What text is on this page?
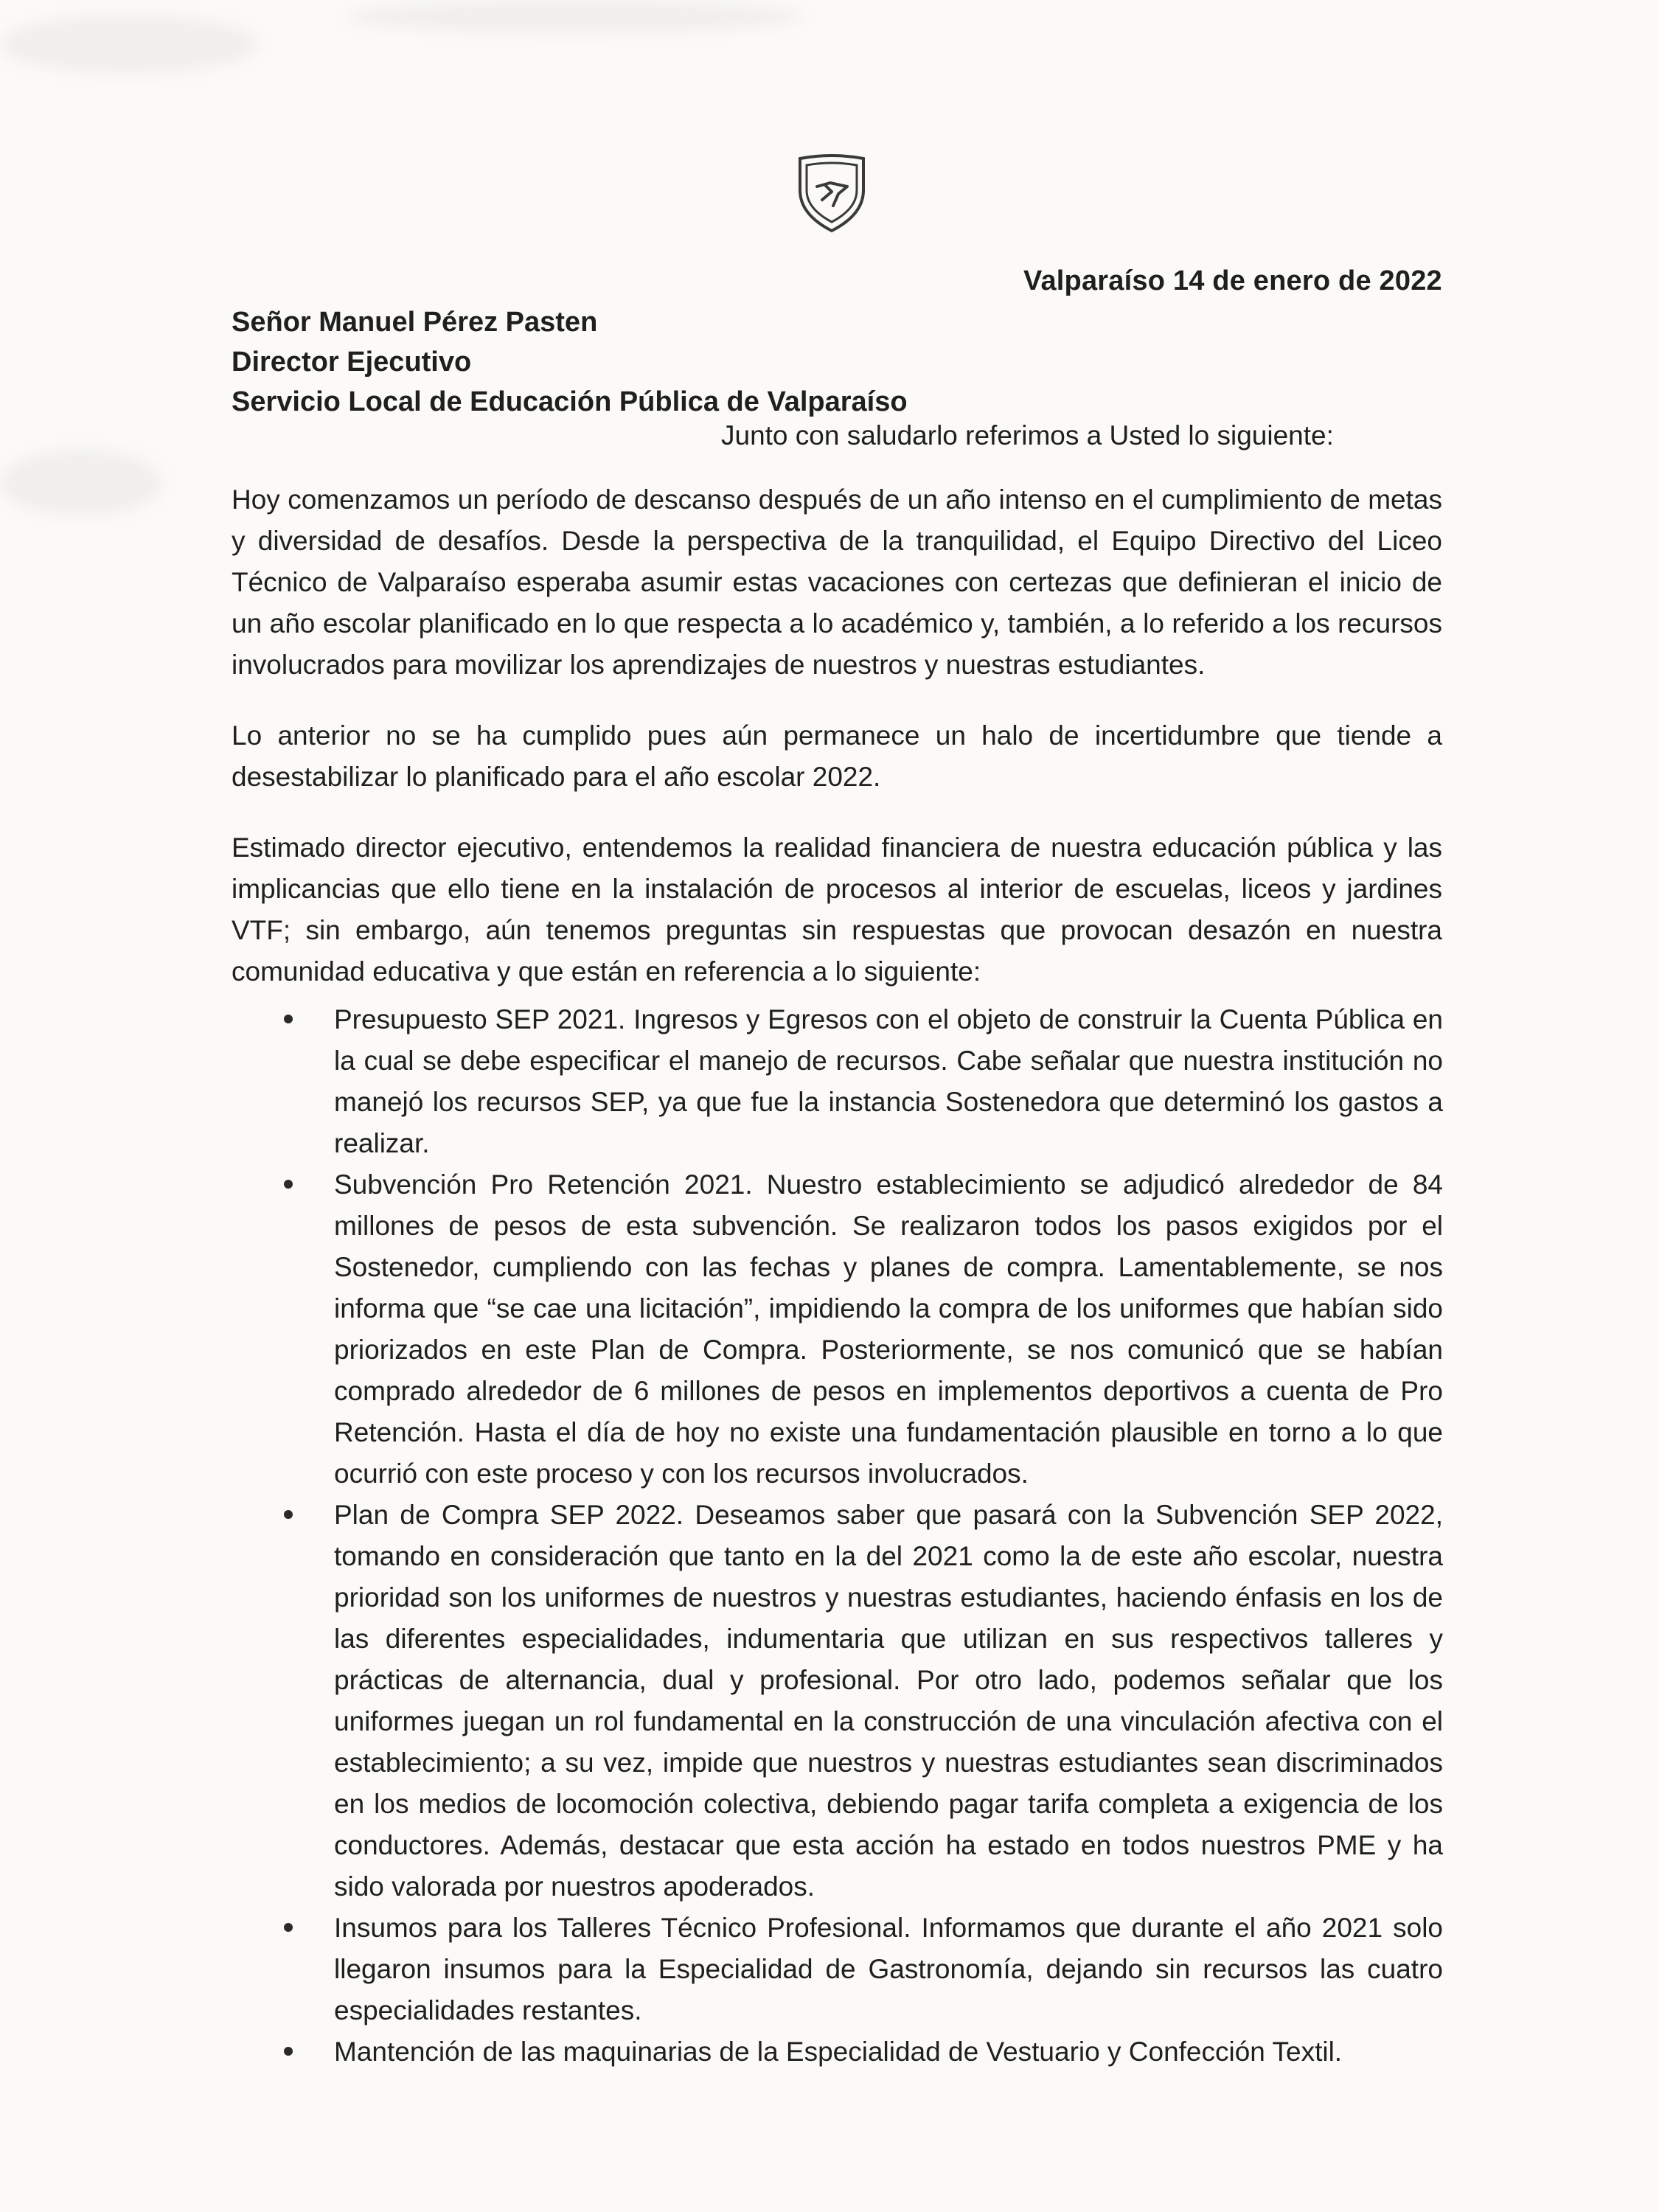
Valparaíso 14 de enero de 2022
Señor Manuel Pérez Pasten
Director Ejecutivo
Servicio Local de Educación Pública de Valparaíso
Junto con saludarlo referimos a Usted lo siguiente:

Hoy comenzamos un período de descanso después de un año intenso en el cumplimiento de metas y diversidad de desafíos. Desde la perspectiva de la tranquilidad, el Equipo Directivo del Liceo Técnico de Valparaíso esperaba asumir estas vacaciones con certezas que definieran el inicio de un año escolar planificado en lo que respecta a lo académico y, también, a lo referido a los recursos involucrados para movilizar los aprendizajes de nuestros y nuestras estudiantes.

Lo anterior no se ha cumplido pues aún permanece un halo de incertidumbre que tiende a desestabilizar lo planificado para el año escolar 2022.

Estimado director ejecutivo, entendemos la realidad financiera de nuestra educación pública y las implicancias que ello tiene en la instalación de procesos al interior de escuelas, liceos y jardines VTF; sin embargo, aún tenemos preguntas sin respuestas que provocan desazón en nuestra comunidad educativa y que están en referencia a lo siguiente:

Presupuesto SEP 2021. Ingresos y Egresos con el objeto de construir la Cuenta Pública en la cual se debe especificar el manejo de recursos. Cabe señalar que nuestra institución no manejó los recursos SEP, ya que fue la instancia Sostenedora que determinó los gastos a realizar.
Subvención Pro Retención 2021. Nuestro establecimiento se adjudicó alrededor de 84 millones de pesos de esta subvención. Se realizaron todos los pasos exigidos por el Sostenedor, cumpliendo con las fechas y planes de compra. Lamentablemente, se nos informa que “se cae una licitación”, impidiendo la compra de los uniformes que habían sido priorizados en este Plan de Compra. Posteriormente, se nos comunicó que se habían comprado alrededor de 6 millones de pesos en implementos deportivos a cuenta de Pro Retención. Hasta el día de hoy no existe una fundamentación plausible en torno a lo que ocurrió con este proceso y con los recursos involucrados.
Plan de Compra SEP 2022. Deseamos saber que pasará con la Subvención SEP 2022, tomando en consideración que tanto en la del 2021 como la de este año escolar, nuestra prioridad son los uniformes de nuestros y nuestras estudiantes, haciendo énfasis en los de las diferentes especialidades, indumentaria que utilizan en sus respectivos talleres y prácticas de alternancia, dual y profesional. Por otro lado, podemos señalar que los uniformes juegan un rol fundamental en la construcción de una vinculación afectiva con el establecimiento; a su vez, impide que nuestros y nuestras estudiantes sean discriminados en los medios de locomoción colectiva, debiendo pagar tarifa completa a exigencia de los conductores. Además, destacar que esta acción ha estado en todos nuestros PME y ha sido valorada por nuestros apoderados.
Insumos para los Talleres Técnico Profesional. Informamos que durante el año 2021 solo llegaron insumos para la Especialidad de Gastronomía, dejando sin recursos las cuatro especialidades restantes.
Mantención de las maquinarias de la Especialidad de Vestuario y Confección Textil.
